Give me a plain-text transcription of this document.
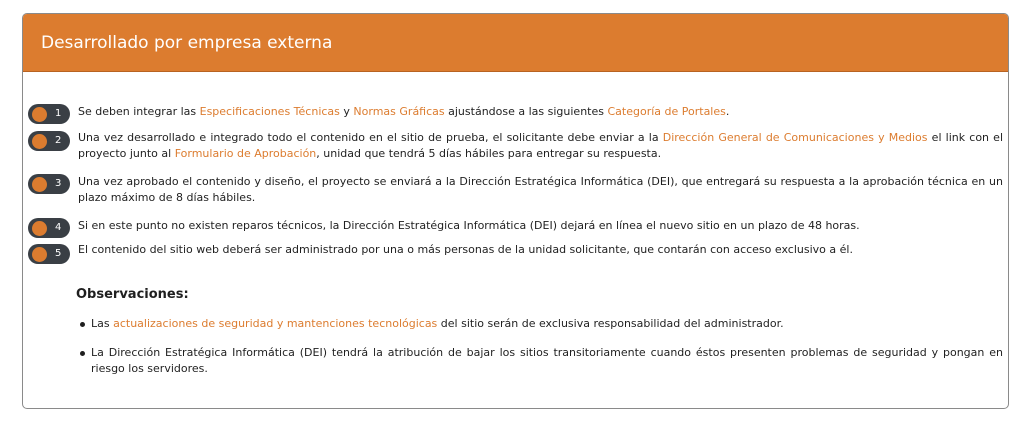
Desarrollado por empresa externa
1 Se deben integrar las Especificaciones Técnicas y Normas Gráficas ajustándose a las siguientes Categoría de Portales.

2 Una vez desarrollado e integrado todo el contenido en el sitio de prueba, el solicitante debe enviar a la Dirección General de Comunicaciones y Medios el link con el proyecto junto al Formulario de Aprobación, unidad que tendrá 5 días hábiles para entregar su respuesta.

3 Una vez aprobado el contenido y diseño, el proyecto se enviará a la Dirección Estratégica Informática (DEI), que entregará su respuesta a la aprobación técnica en un plazo máximo de 8 días hábiles.

4 Si en este punto no existen reparos técnicos, la Dirección Estratégica Informática (DEI) dejará en línea el nuevo sitio en un plazo de 48 horas.

5 El contenido del sitio web deberá ser administrado por una o más personas de la unidad solicitante, que contarán con acceso exclusivo a él.

Observaciones:
Las actualizaciones de seguridad y mantenciones tecnológicas del sitio serán de exclusiva responsabilidad del administrador.
La Dirección Estratégica Informática (DEI) tendrá la atribución de bajar los sitios transitoriamente cuando éstos presenten problemas de seguridad y pongan en riesgo los servidores.
